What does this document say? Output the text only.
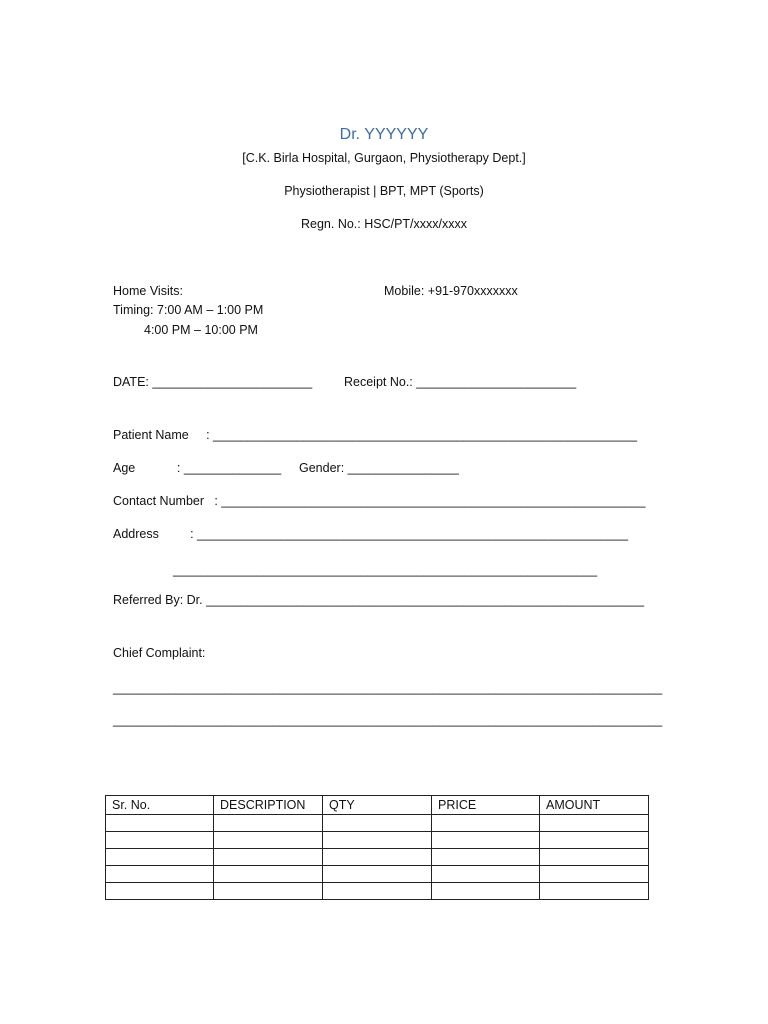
Dr. YYYYYY
[C.K. Birla Hospital, Gurgaon, Physiotherapy Dept.]
Physiotherapist | BPT, MPT (Sports)
Regn. No.: HSC/PT/xxxx/xxxx
Home Visits:
Timing: 7:00 AM – 1:00 PM
4:00 PM – 10:00 PM
Mobile: +91-970xxxxxxx
DATE: _______________________	Receipt No.: _______________________
Patient Name     : _____________________________________________________________
Age            : ______________ Gender: ________________
Contact Number   : _____________________________________________________________
Address         : ______________________________________________________________
_____________________________________________________________
Referred By: Dr. _______________________________________________________________
Chief Complaint:
_______________________________________________________________________________
_______________________________________________________________________________
Sr. No.	DESCRIPTION	QTY	PRICE	AMOUNT
